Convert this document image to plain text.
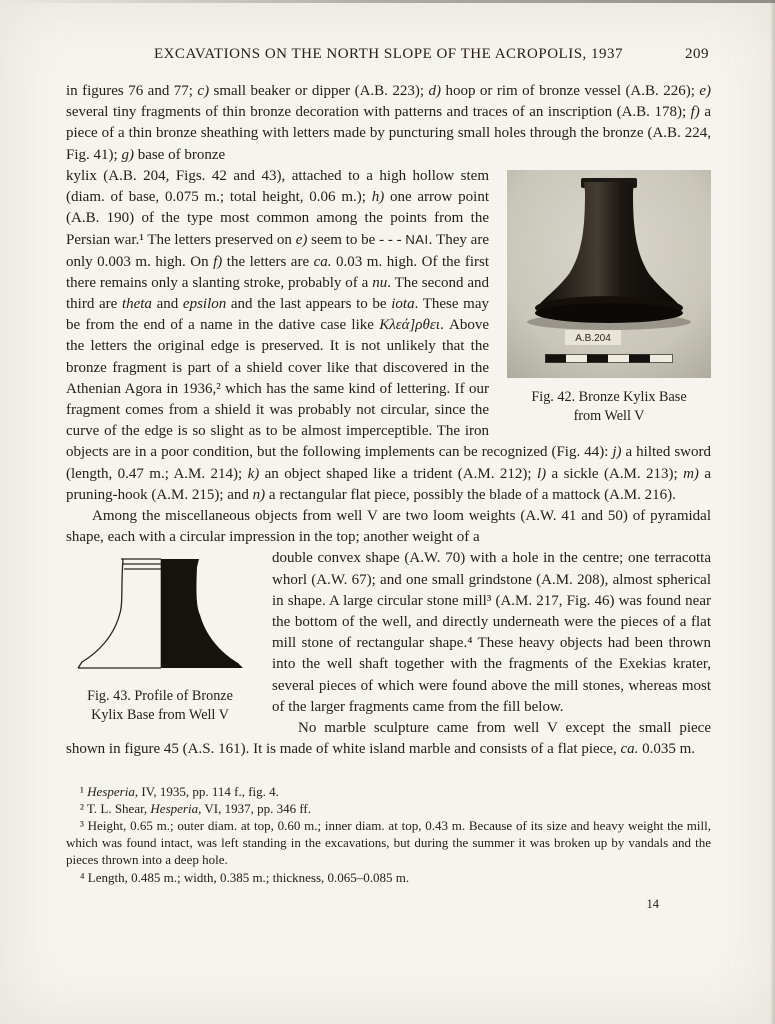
EXCAVATIONS ON THE NORTH SLOPE OF THE ACROPOLIS, 1937	209

in figures 76 and 77; c) small beaker or dipper (A.B. 223); d) hoop or rim of bronze vessel (A.B. 226); e) several tiny fragments of thin bronze decoration with patterns and traces of an inscription (A.B. 178); f) a piece of a thin bronze sheathing with letters made by puncturing small holes through the bronze (A.B. 224, Fig. 41); g) base of bronze

A.B.204
Fig. 42. Bronze Kylix Base
from Well V

kylix (A.B. 204, Figs. 42 and 43), attached to a high hollow stem (diam. of base, 0.075 m.; total height, 0.06 m.); h) one arrow point (A.B. 190) of the type most common among the points from the Persian war.¹ The letters preserved on e) seem to be - - - ΝΑΙ. They are only 0.003 m. high. On f) the letters are ca. 0.03 m. high. Of the first there remains only a slanting stroke, probably of a nu. The second and third are theta and epsilon and the last appears to be iota. These may be from the end of a name in the dative case like Κλεά]ρθει. Above the letters the original edge is preserved. It is not unlikely that the bronze fragment is part of a shield cover like that discovered in the Athenian Agora in 1936,² which has the same kind of lettering. If our fragment comes from a shield it was probably not circular, since the curve of the edge is so slight as to be almost imperceptible. The iron objects are in a poor condition, but the following implements can be recognized (Fig. 44): j) a hilted sword (length, 0.47 m.; A.M. 214); k) an object shaped like a trident (A.M. 212); l) a sickle (A.M. 213); m) a pruning-hook (A.M. 215); and n) a rectangular flat piece, possibly the blade of a mattock (A.M. 216).

Among the miscellaneous objects from well V are two loom weights (A.W. 41 and 50) of pyramidal shape, each with a circular impression in the top; another weight of a

Fig. 43. Profile of Bronze
Kylix Base from Well V

double convex shape (A.W. 70) with a hole in the centre; one terracotta whorl (A.W. 67); and one small grindstone (A.M. 208), almost spherical in shape. A large circular stone mill³ (A.M. 217, Fig. 46) was found near the bottom of the well, and directly underneath were the pieces of a flat mill stone of rectangular shape.⁴ These heavy objects had been thrown into the well shaft together with the fragments of the Exekias krater, several pieces of which were found above the mill stones, whereas most of the larger fragments came from the fill below.

No marble sculpture came from well V except the small piece shown in figure 45 (A.S. 161). It is made of white island marble and consists of a flat piece, ca. 0.035 m.

¹ Hesperia, IV, 1935, pp. 114 f., fig. 4.

² T. L. Shear, Hesperia, VI, 1937, pp. 346 ff.

³ Height, 0.65 m.; outer diam. at top, 0.60 m.; inner diam. at top, 0.43 m. Because of its size and heavy weight the mill, which was found intact, was left standing in the excavations, but during the summer it was broken up by vandals and the pieces thrown into a deep hole.

⁴ Length, 0.485 m.; width, 0.385 m.; thickness, 0.065–0.085 m.

14
